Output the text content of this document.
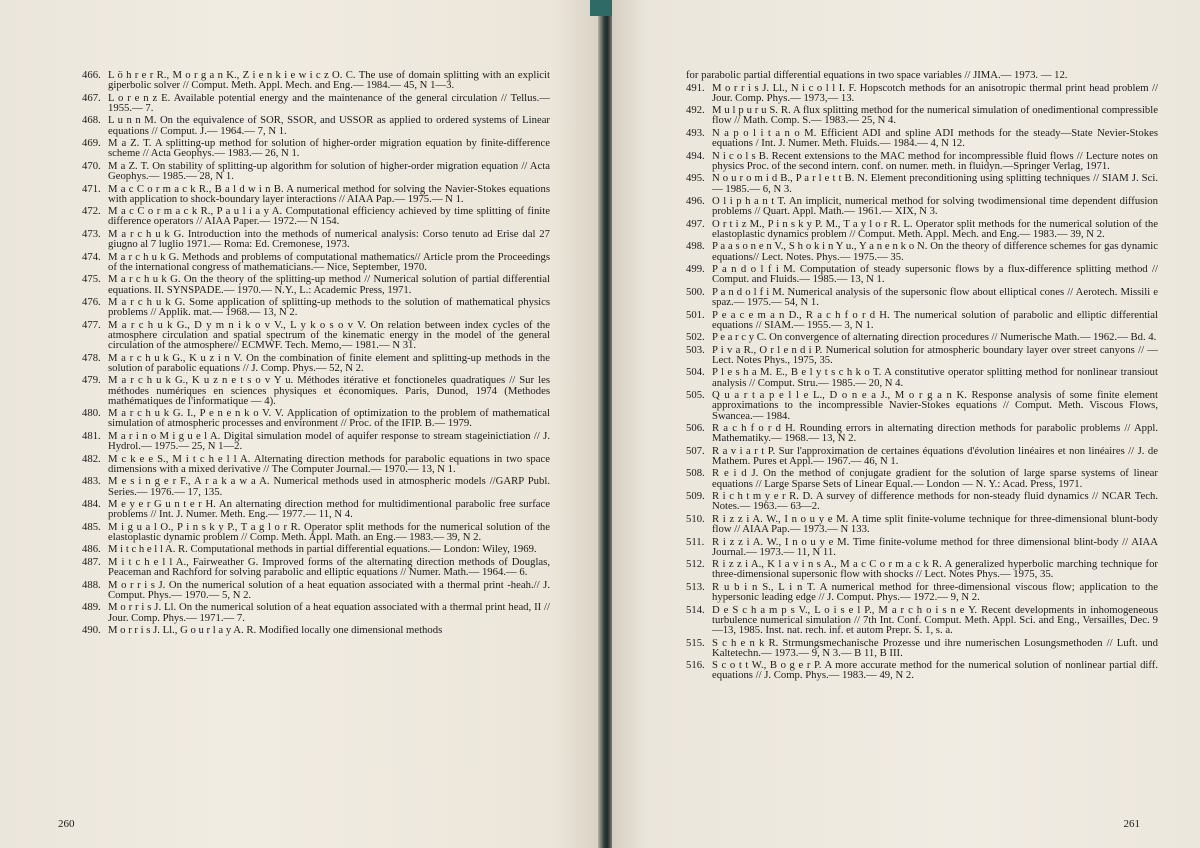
466. L ö h r e r R., M o r g a n K., Z i e n k i e w i c z O. C. The use of domain splitting with an explicit giperbolic solver // Comput. Meth. Appl. Mech. and Eng.— 1984.— 45, N 1—3.
467. L o r e n z E. Available potential energy and the maintenance of the general circulation // Tellus.— 1955.— 7.
468. L u n n M. On the equivalence of SOR, SSOR, and USSOR as applied to ordered systems of Linear equations // Comput. J.— 1964.— 7, N 1.
469. M a Z. T. A splitting-up method for solution of higher-order migration equation by finite-difference scheme // Acta Geophys.— 1983.— 26, N 1.
470. M a Z. T. On stability of splitting-up algorithm for solution of higher-order migration equation // Acta Geophys.— 1985.— 28, N 1.
471. M a c C o r m a c k R., B a l d w i n B. A numerical method for solving the Navier-Stokes equations with application to shock-boundary layer interactions // AIAA Pap.— 1975.— N 1.
472. M a c C o r m a c k R., P a u l i a y A. Computational efficiency achieved by time splitting of finite difference operators // AIAA Paper.— 1972.— N 154.
473. M a r c h u k G. Introduction into the methods of numerical analysis: Corso tenuto ad Erise dal 27 giugno al 7 luglio 1971.— Roma: Ed. Cremonese, 1973.
474. M a r c h u k G. Methods and problems of computational mathematics// Article prom the Proceedings of the international congress of mathematicians.— Nice, September, 1970.
475. M a r c h u k G. On the theory of the splitting-up method // Numerical solution of partial differential equations. II. SYNSPADE.— 1970.— N.Y., L.: Academic Press, 1971.
476. M a r c h u k G. Some application of splitting-up methods to the solution of mathematical physics problems // Applik. mat.— 1968.— 13, N 2.
477. M a r c h u k G., D y m n i k o v V., L y k o s o v V. On relation between index cycles of the atmosphere circulation and spatial spectrum of the kinematic energy in the model of the general circulation of the atmosphere// ECMWF. Tech. Memo,— 1981.— N 31.
478. M a r c h u k G., K u z i n V. On the combination of finite element and splitting-up methods in the solution of parabolic equations // J. Comp. Phys.— 52, N 2.
479. M a r c h u k G., K u z n e t s o v Y u. Méthodes itérative et fonctioneles quadratiques // Sur les méthodes numériques en sciences physiques et économiques. Paris, Dunod, 1974 (Methodes mathématiques de l'informatique — 4).
480. M a r c h u k G. I., P e n e n k o V. V. Application of optimization to the problem of mathematical simulation of atmospheric processes and environment // Proc. of the IFIP. B.— 1979.
481. M a r i n o M i g u e l A. Digital simulation model of aquifer response to stream stageinictiation // J. Hydrol.— 1975.— 25, N 1—2.
482. M c k e e S., M i t c h e l l A. Alternating direction methods for parabolic equations in two space dimensions with a mixed derivative // The Computer Journal.— 1970.— 13, N 1.
483. M e s i n g e r F., A r a k a w a A. Numerical methods used in atmospheric models //GARP Publ. Series.— 1976.— 17, 135.
484. M e y e r G u n t e r H. An alternating direction method for multidimentional parabolic free surface problems // Int. J. Numer. Meth. Eng.— 1977.— 11, N 4.
485. M i g u a l O., P i n s k y P., T a g l o r R. Operator split methods for the numerical solution of the elastoplastic dynamic problem // Comp. Meth. Appl. Math. an Eng.— 1983.— 39, N 2.
486. M i t c h e l l A. R. Computational methods in partial differential equations.— London: Wiley, 1969.
487. M i t c h e l l A., Fairweather G. Improved forms of the alternating direction methods of Douglas, Peaceman and Rachford for solving parabolic and elliptic equations // Numer. Math.— 1964.— 6.
488. M o r r i s J. On the numerical solution of a heat equation associated with a thermal print -heah.// J. Comput. Phys.— 1970.— 5, N 2.
489. M o r r i s J. Ll. On the numerical solution of a heat equation associated with a thermal print head, II // Jour. Comp. Phys.— 1971.— 7.
490. M o r r i s J. Ll., G o u r l a y A. R. Modified locally one dimensional methods
260
for parabolic partial differential equations in two space variables // JIMA.— 1973. — 12.
491. M o r r i s J. Ll., N i c o l l I. F. Hopscotch methods for an anisotropic thermal print head problem // Jour. Comp. Phys.— 1973,— 13.
492. M u l p u r u S. R. A flux splitting method for the numerical simulation of onedimentional compressible flow // Math. Comp. S.— 1983.— 25, N 4.
493. N a p o l i t a n o M. Efficient ADI and spline ADI methods for the steady—State Nevier-Stokes equations / Int. J. Numer. Meth. Fluids.— 1984.— 4, N 12.
494. N i c o l s B. Recent extensions to the MAC method for incompressible fluid flows // Lecture notes on physics Proc. of the second intern. conf. on numer. meth. in fluidyn.—Springer Verlag, 1971.
495. N o u r o m i d B., P a r l e t t B. N. Element preconditioning using splitting techniques // SIAM J. Sci.— 1985.— 6, N 3.
496. O l i p h a n t T. An implicit, numerical method for solving twodimensional time dependent diffusion problems // Quart. Appl. Math.— 1961.— XIX, N 3.
497. O r t i z M., P i n s k y P. M., T a y l o r R. L. Operator split methods for the numerical solution of the elastoplastic dynamics problem // Comput. Meth. Appl. Mech. and Eng.— 1983.— 39, N 2.
498. P a a s o n e n V., S h o k i n Y u., Y a n e n k o N. On the theory of difference schemes for gas dynamic equations// Lect. Notes. Phys.— 1975.— 35.
499. P a n d o l f i M. Computation of steady supersonic flows by a flux-difference splitting method // Comput. and Fluids.— 1985.— 13, N 1.
500. P a n d o l f i M. Numerical analysis of the supersonic flow about elliptical cones // Aerotech. Missili e spaz.— 1975.— 54, N 1.
501. P e a c e m a n D., R a c h f o r d H. The numerical solution of parabolic and elliptic differential equations // SIAM.— 1955.— 3, N 1.
502. P e a r c y C. On convergence of alternating direction procedures // Numerische Math.— 1962.— Bd. 4.
503. P i v a R., O r l e n d i P. Numerical solution for atmospheric boundary layer over street canyons // — Lect. Notes Phys., 1975, 35.
504. P l e s h a M. E., B e l y t s c h k o T. A constitutive operator splitting method for nonlinear transiout analysis // Comput. Stru.— 1985.— 20, N 4.
505. Q u a r t a p e l l e L., D o n e a J., M o r g a n K. Response analysis of some finite element approximations to the incompressible Navier-Stokes equations // Comput. Meth. Viscous Flows, Swancea.— 1984.
506. R a c h f o r d H. Rounding errors in alternating direction methods for parabolic problems // Appl. Mathematiky.— 1968.— 13, N 2.
507. R a v i a r t P. Sur l'approximation de certaines équations d'évolution linéaires et non linéaires // J. de Mathem. Pures et Appl.— 1967.— 46, N 1.
508. R e i d J. On the method of conjugate gradient for the solution of large sparse systems of linear equations // Large Sparse Sets of Linear Equal.— London — N. Y.: Acad. Press, 1971.
509. R i c h t m y e r R. D. A survey of difference methods for non-steady fluid dynamics // NCAR Tech. Notes.— 1963.— 63—2.
510. R i z z i A. W., I n o u y e M. A time split finite-volume technique for three-dimensional blunt-body flow // AIAA Pap.— 1973.— N 133.
511. R i z z i A. W., I n o u y e M. Time finite-volume method for three dimensional blint-body // AIAA Journal.— 1973.— 11, N 11.
512. R i z z i A., K l a v i n s A., M a c C o r m a c k R. A generalized hyperbolic marching technique for three-dimensional supersonic flow with shocks // Lect. Notes Phys.— 1975, 35.
513. R u b i n S., L i n T. A numerical method for three-dimensional viscous flow; application to the hypersonic leading edge // J. Comput. Phys.— 1972.— 9, N 2.
514. D e S c h a m p s V., L o i s e l P., M a r c h o i s n e Y. Recent developments in inhomogeneous turbulence numerical simulation // 7th Int. Conf. Comput. Meth. Appl. Sci. and Eng., Versailles, Dec. 9—13, 1985. Inst. nat. rech. inf. et autom Prepr. S. 1, s. a.
515. S c h e n k R. Strmungsmechanische Prozesse und ihre numerischen Losungsmethoden // Luft. und Kaltetechn.— 1973.— 9, N 3.— B 11, B III.
516. S c o t t W., B o g e r P. A more accurate method for the numerical solution of nonlinear partial diff. equations // J. Comp. Phys.— 1983.— 49, N 2.
261
